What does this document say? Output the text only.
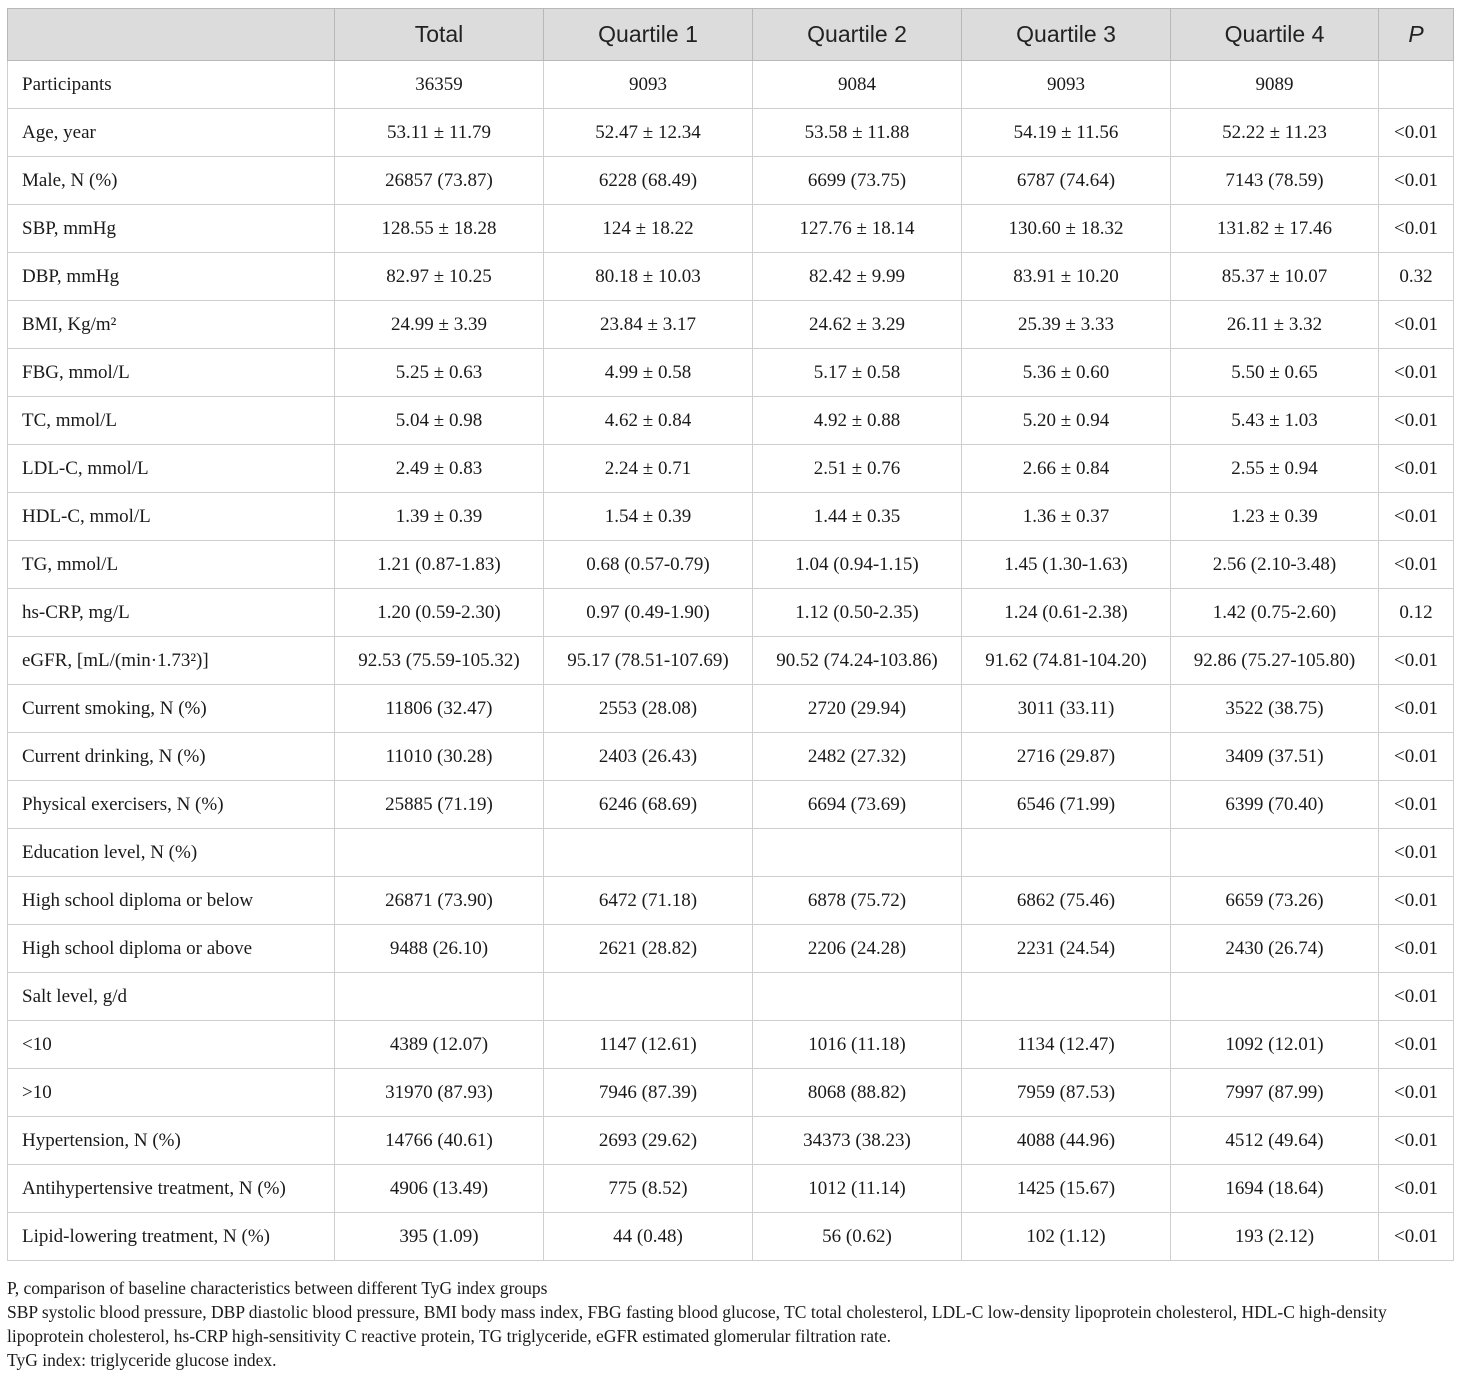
	Total	Quartile 1	Quartile 2	Quartile 3	Quartile 4	P
Participants	36359	9093	9084	9093	9089	
Age, year	53.11 ± 11.79	52.47 ± 12.34	53.58 ± 11.88	54.19 ± 11.56	52.22 ± 11.23	<0.01
Male, N (%)	26857 (73.87)	6228 (68.49)	6699 (73.75)	6787 (74.64)	7143 (78.59)	<0.01
SBP, mmHg	128.55 ± 18.28	124 ± 18.22	127.76 ± 18.14	130.60 ± 18.32	131.82 ± 17.46	<0.01
DBP, mmHg	82.97 ± 10.25	80.18 ± 10.03	82.42 ± 9.99	83.91 ± 10.20	85.37 ± 10.07	0.32
BMI, Kg/m²	24.99 ± 3.39	23.84 ± 3.17	24.62 ± 3.29	25.39 ± 3.33	26.11 ± 3.32	<0.01
FBG, mmol/L	5.25 ± 0.63	4.99 ± 0.58	5.17 ± 0.58	5.36 ± 0.60	5.50 ± 0.65	<0.01
TC, mmol/L	5.04 ± 0.98	4.62 ± 0.84	4.92 ± 0.88	5.20 ± 0.94	5.43 ± 1.03	<0.01
LDL-C, mmol/L	2.49 ± 0.83	2.24 ± 0.71	2.51 ± 0.76	2.66 ± 0.84	2.55 ± 0.94	<0.01
HDL-C, mmol/L	1.39 ± 0.39	1.54 ± 0.39	1.44 ± 0.35	1.36 ± 0.37	1.23 ± 0.39	<0.01
TG, mmol/L	1.21 (0.87-1.83)	0.68 (0.57-0.79)	1.04 (0.94-1.15)	1.45 (1.30-1.63)	2.56 (2.10-3.48)	<0.01
hs-CRP, mg/L	1.20 (0.59-2.30)	0.97 (0.49-1.90)	1.12 (0.50-2.35)	1.24 (0.61-2.38)	1.42 (0.75-2.60)	0.12
eGFR, [mL/(min·1.73²)]	92.53 (75.59-105.32)	95.17 (78.51-107.69)	90.52 (74.24-103.86)	91.62 (74.81-104.20)	92.86 (75.27-105.80)	<0.01
Current smoking, N (%)	11806 (32.47)	2553 (28.08)	2720 (29.94)	3011 (33.11)	3522 (38.75)	<0.01
Current drinking, N (%)	11010 (30.28)	2403 (26.43)	2482 (27.32)	2716 (29.87)	3409 (37.51)	<0.01
Physical exercisers, N (%)	25885 (71.19)	6246 (68.69)	6694 (73.69)	6546 (71.99)	6399 (70.40)	<0.01
Education level, N (%)						<0.01
High school diploma or below	26871 (73.90)	6472 (71.18)	6878 (75.72)	6862 (75.46)	6659 (73.26)	<0.01
High school diploma or above	9488 (26.10)	2621 (28.82)	2206 (24.28)	2231 (24.54)	2430 (26.74)	<0.01
Salt level, g/d						<0.01
<10	4389 (12.07)	1147 (12.61)	1016 (11.18)	1134 (12.47)	1092 (12.01)	<0.01
>10	31970 (87.93)	7946 (87.39)	8068 (88.82)	7959 (87.53)	7997 (87.99)	<0.01
Hypertension, N (%)	14766 (40.61)	2693 (29.62)	34373 (38.23)	4088 (44.96)	4512 (49.64)	<0.01
Antihypertensive treatment, N (%)	4906 (13.49)	775 (8.52)	1012 (11.14)	1425 (15.67)	1694 (18.64)	<0.01
Lipid-lowering treatment, N (%)	395 (1.09)	44 (0.48)	56 (0.62)	102 (1.12)	193 (2.12)	<0.01

P, comparison of baseline characteristics between different TyG index groups

SBP systolic blood pressure, DBP diastolic blood pressure, BMI body mass index, FBG fasting blood glucose, TC total cholesterol, LDL-C low-density lipoprotein cholesterol, HDL-C high-density lipoprotein cholesterol, hs-CRP high-sensitivity C reactive protein, TG triglyceride, eGFR estimated glomerular filtration rate.

TyG index: triglyceride glucose index.
